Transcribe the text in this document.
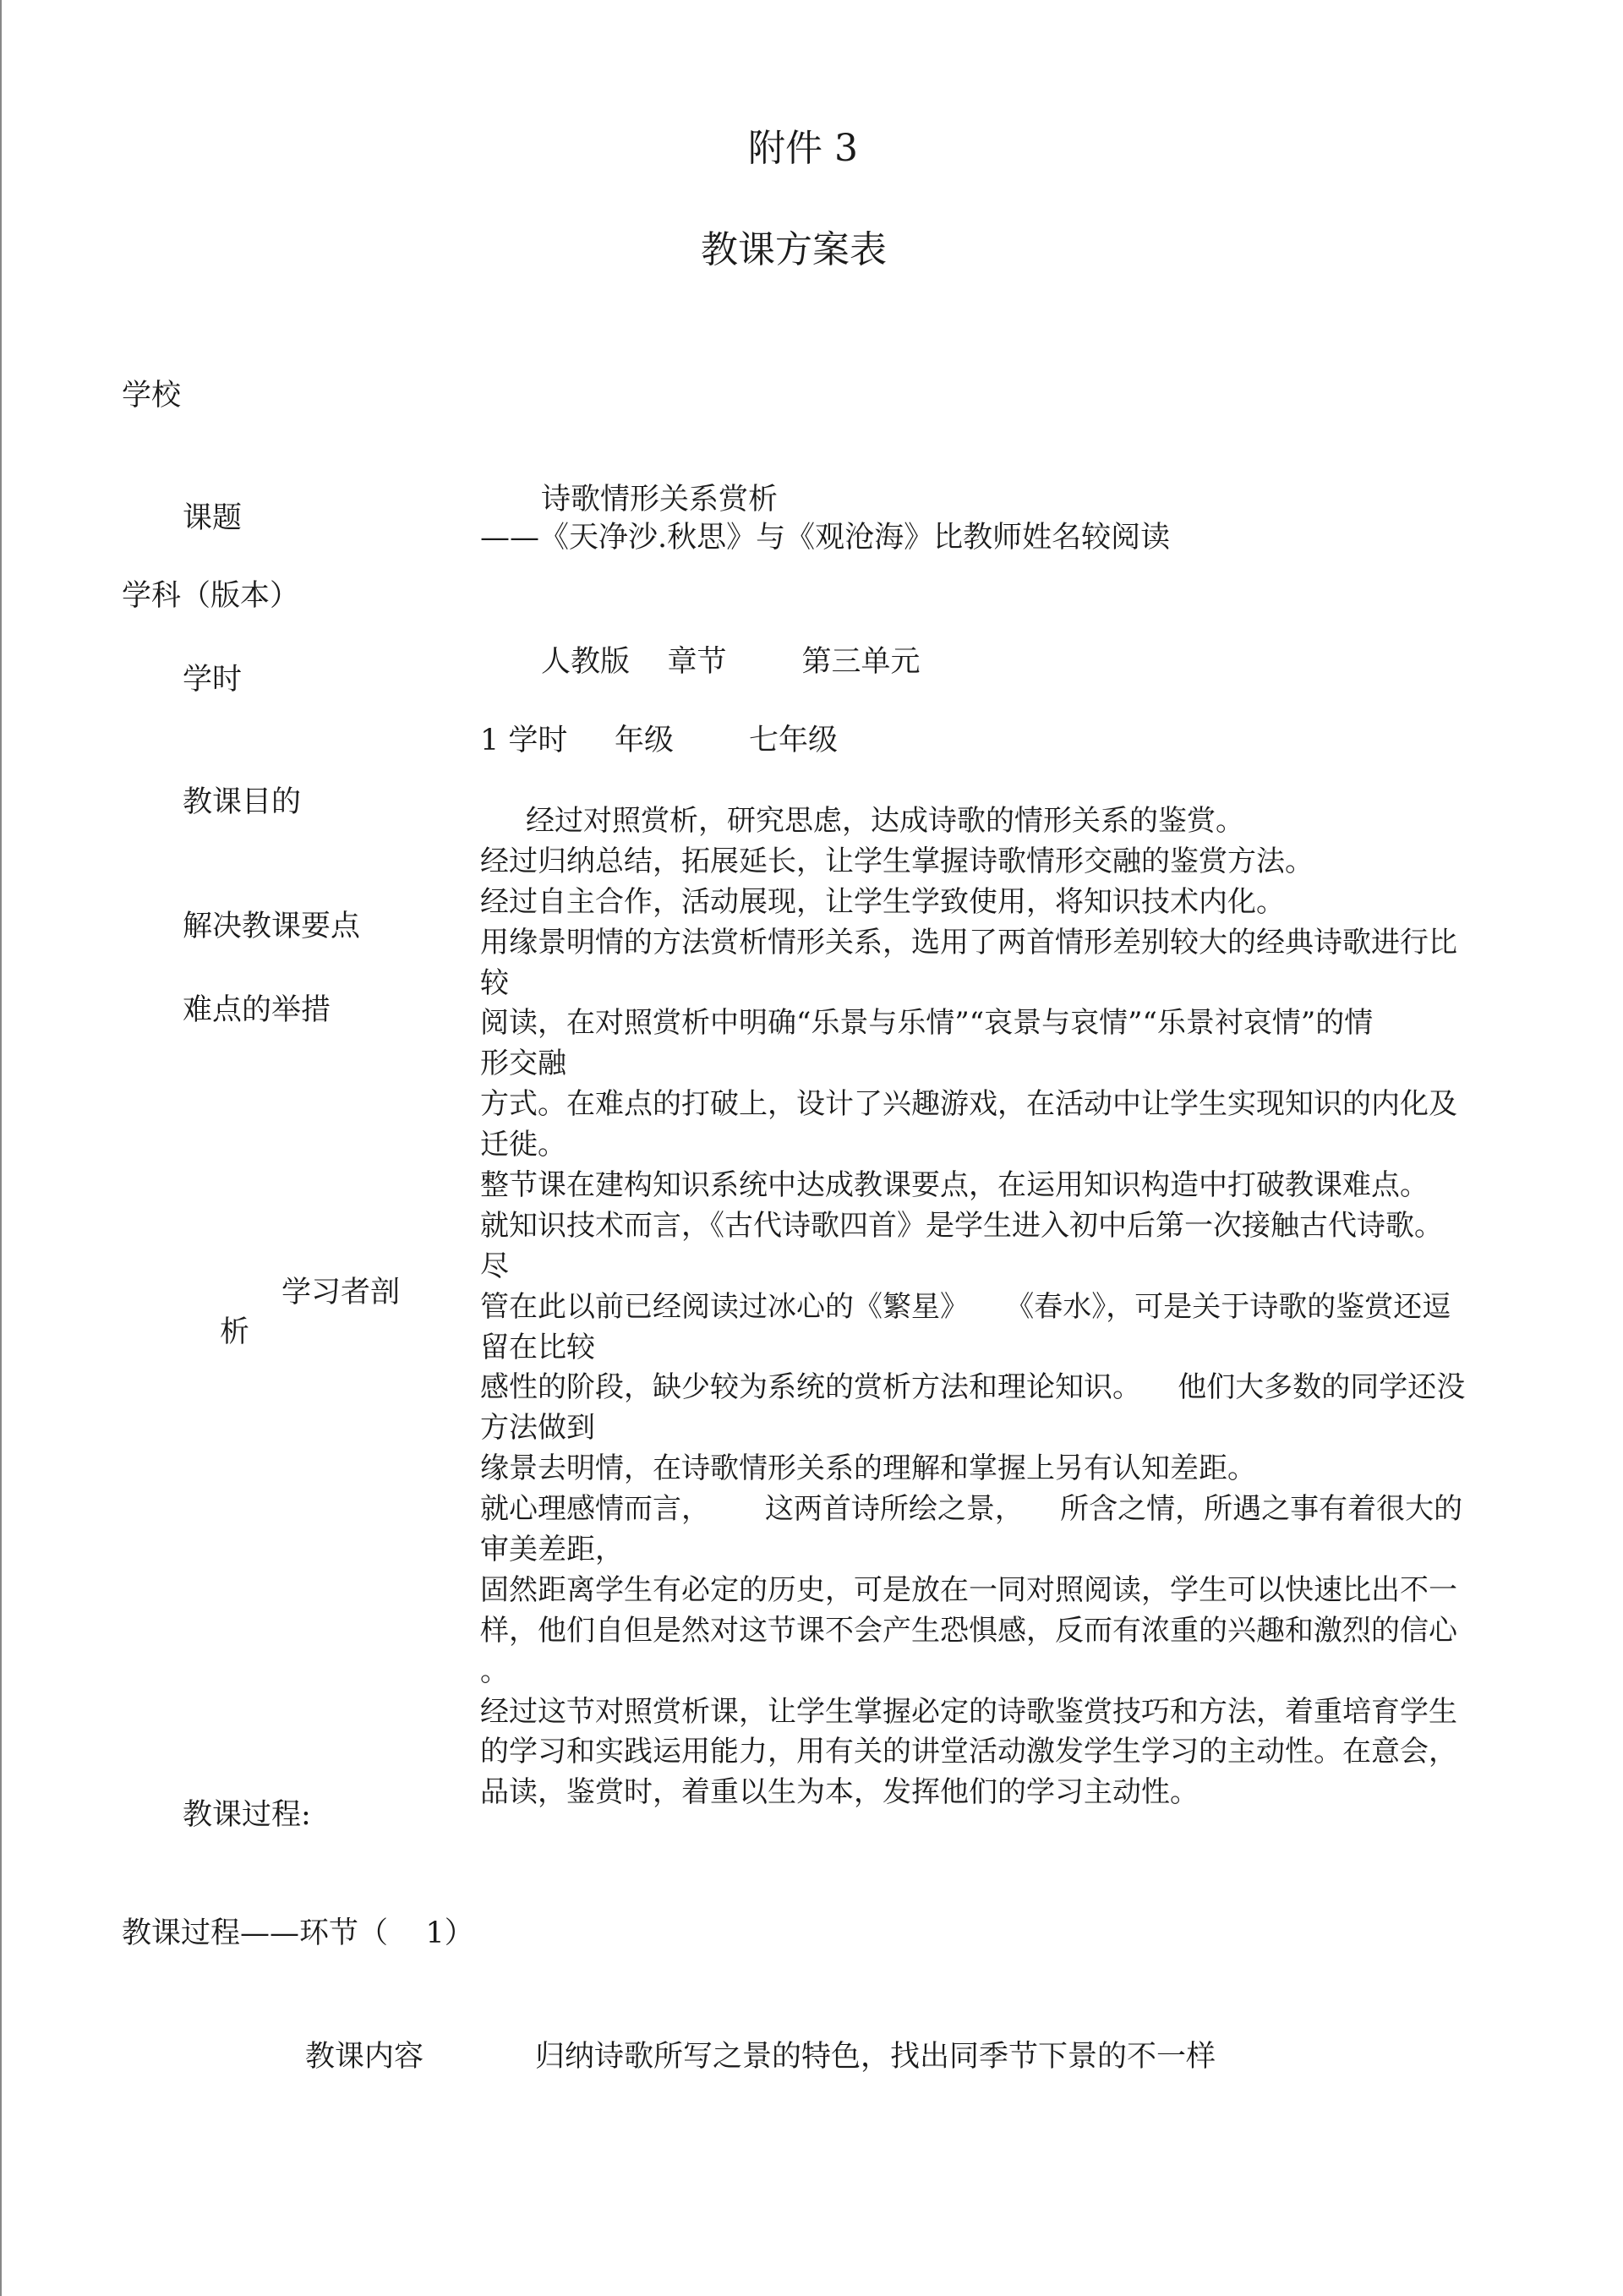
附件 3
教课方案表
学校
课题
诗歌情形关系赏析
——《天净沙.秋思》与《观沧海》比教师姓名较阅读
学科（版本）
学时
人教版    章节        第三单元
1 学时     年级        七年级
教课目的
解决教课要点
难点的举措
学习者剖
析
经过对照赏析，研究思虑，达成诗歌的情形关系的鉴赏。
经过归纳总结，拓展延长，让学生掌握诗歌情形交融的鉴赏方法。
经过自主合作，活动展现，让学生学致使用，将知识技术内化。
用缘景明情的方法赏析情形关系，选用了两首情形差别较大的经典诗歌进行比
较
阅读，在对照赏析中明确“乐景与乐情”“哀景与哀情”“乐景衬哀情”的情
形交融
方式。在难点的打破上，设计了兴趣游戏，在活动中让学生实现知识的内化及
迁徙。
整节课在建构知识系统中达成教课要点，在运用知识构造中打破教课难点。
就知识技术而言，《古代诗歌四首》是学生进入初中后第一次接触古代诗歌。
尽
管在此以前已经阅读过冰心的《繁星》    《春水》，可是关于诗歌的鉴赏还逗
留在比较
感性的阶段，缺少较为系统的赏析方法和理论知识。    他们大多数的同学还没
方法做到
缘景去明情，在诗歌情形关系的理解和掌握上另有认知差距。
就心理感情而言，      这两首诗所绘之景，    所含之情，所遇之事有着很大的
审美差距，
固然距离学生有必定的历史，可是放在一同对照阅读，学生可以快速比出不一
样，他们自但是然对这节课不会产生恐惧感，反而有浓重的兴趣和激烈的信心
。
经过这节对照赏析课，让学生掌握必定的诗歌鉴赏技巧和方法，着重培育学生
的学习和实践运用能力，用有关的讲堂活动激发学生学习的主动性。在意会，
品读，鉴赏时，着重以生为本，发挥他们的学习主动性。
教课过程:
教课过程——环节（    1）
教课内容	归纳诗歌所写之景的特色，找出同季节下景的不一样
